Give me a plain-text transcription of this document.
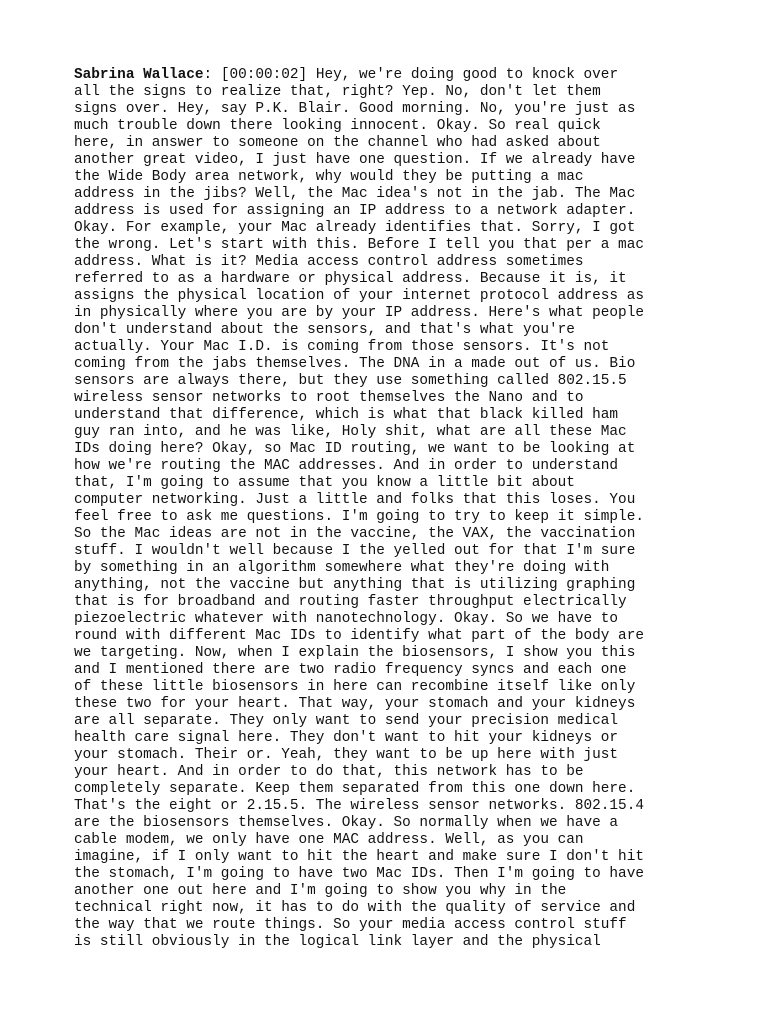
Sabrina Wallace: [00:00:02] Hey, we're doing good to knock over
all the signs to realize that, right? Yep. No, don't let them
signs over. Hey, say P.K. Blair. Good morning. No, you're just as
much trouble down there looking innocent. Okay. So real quick
here, in answer to someone on the channel who had asked about
another great video, I just have one question. If we already have
the Wide Body area network, why would they be putting a mac
address in the jibs? Well, the Mac idea's not in the jab. The Mac
address is used for assigning an IP address to a network adapter.
Okay. For example, your Mac already identifies that. Sorry, I got
the wrong. Let's start with this. Before I tell you that per a mac
address. What is it? Media access control address sometimes
referred to as a hardware or physical address. Because it is, it
assigns the physical location of your internet protocol address as
in physically where you are by your IP address. Here's what people
don't understand about the sensors, and that's what you're
actually. Your Mac I.D. is coming from those sensors. It's not
coming from the jabs themselves. The DNA in a made out of us. Bio
sensors are always there, but they use something called 802.15.5
wireless sensor networks to root themselves the Nano and to
understand that difference, which is what that black killed ham
guy ran into, and he was like, Holy shit, what are all these Mac
IDs doing here? Okay, so Mac ID routing, we want to be looking at
how we're routing the MAC addresses. And in order to understand
that, I'm going to assume that you know a little bit about
computer networking. Just a little and folks that this loses. You
feel free to ask me questions. I'm going to try to keep it simple.
So the Mac ideas are not in the vaccine, the VAX, the vaccination
stuff. I wouldn't well because I the yelled out for that I'm sure
by something in an algorithm somewhere what they're doing with
anything, not the vaccine but anything that is utilizing graphing
that is for broadband and routing faster throughput electrically
piezoelectric whatever with nanotechnology. Okay. So we have to
round with different Mac IDs to identify what part of the body are
we targeting. Now, when I explain the biosensors, I show you this
and I mentioned there are two radio frequency syncs and each one
of these little biosensors in here can recombine itself like only
these two for your heart. That way, your stomach and your kidneys
are all separate. They only want to send your precision medical
health care signal here. They don't want to hit your kidneys or
your stomach. Their or. Yeah, they want to be up here with just
your heart. And in order to do that, this network has to be
completely separate. Keep them separated from this one down here.
That's the eight or 2.15.5. The wireless sensor networks. 802.15.4
are the biosensors themselves. Okay. So normally when we have a
cable modem, we only have one MAC address. Well, as you can
imagine, if I only want to hit the heart and make sure I don't hit
the stomach, I'm going to have two Mac IDs. Then I'm going to have
another one out here and I'm going to show you why in the
technical right now, it has to do with the quality of service and
the way that we route things. So your media access control stuff
is still obviously in the logical link layer and the physical
